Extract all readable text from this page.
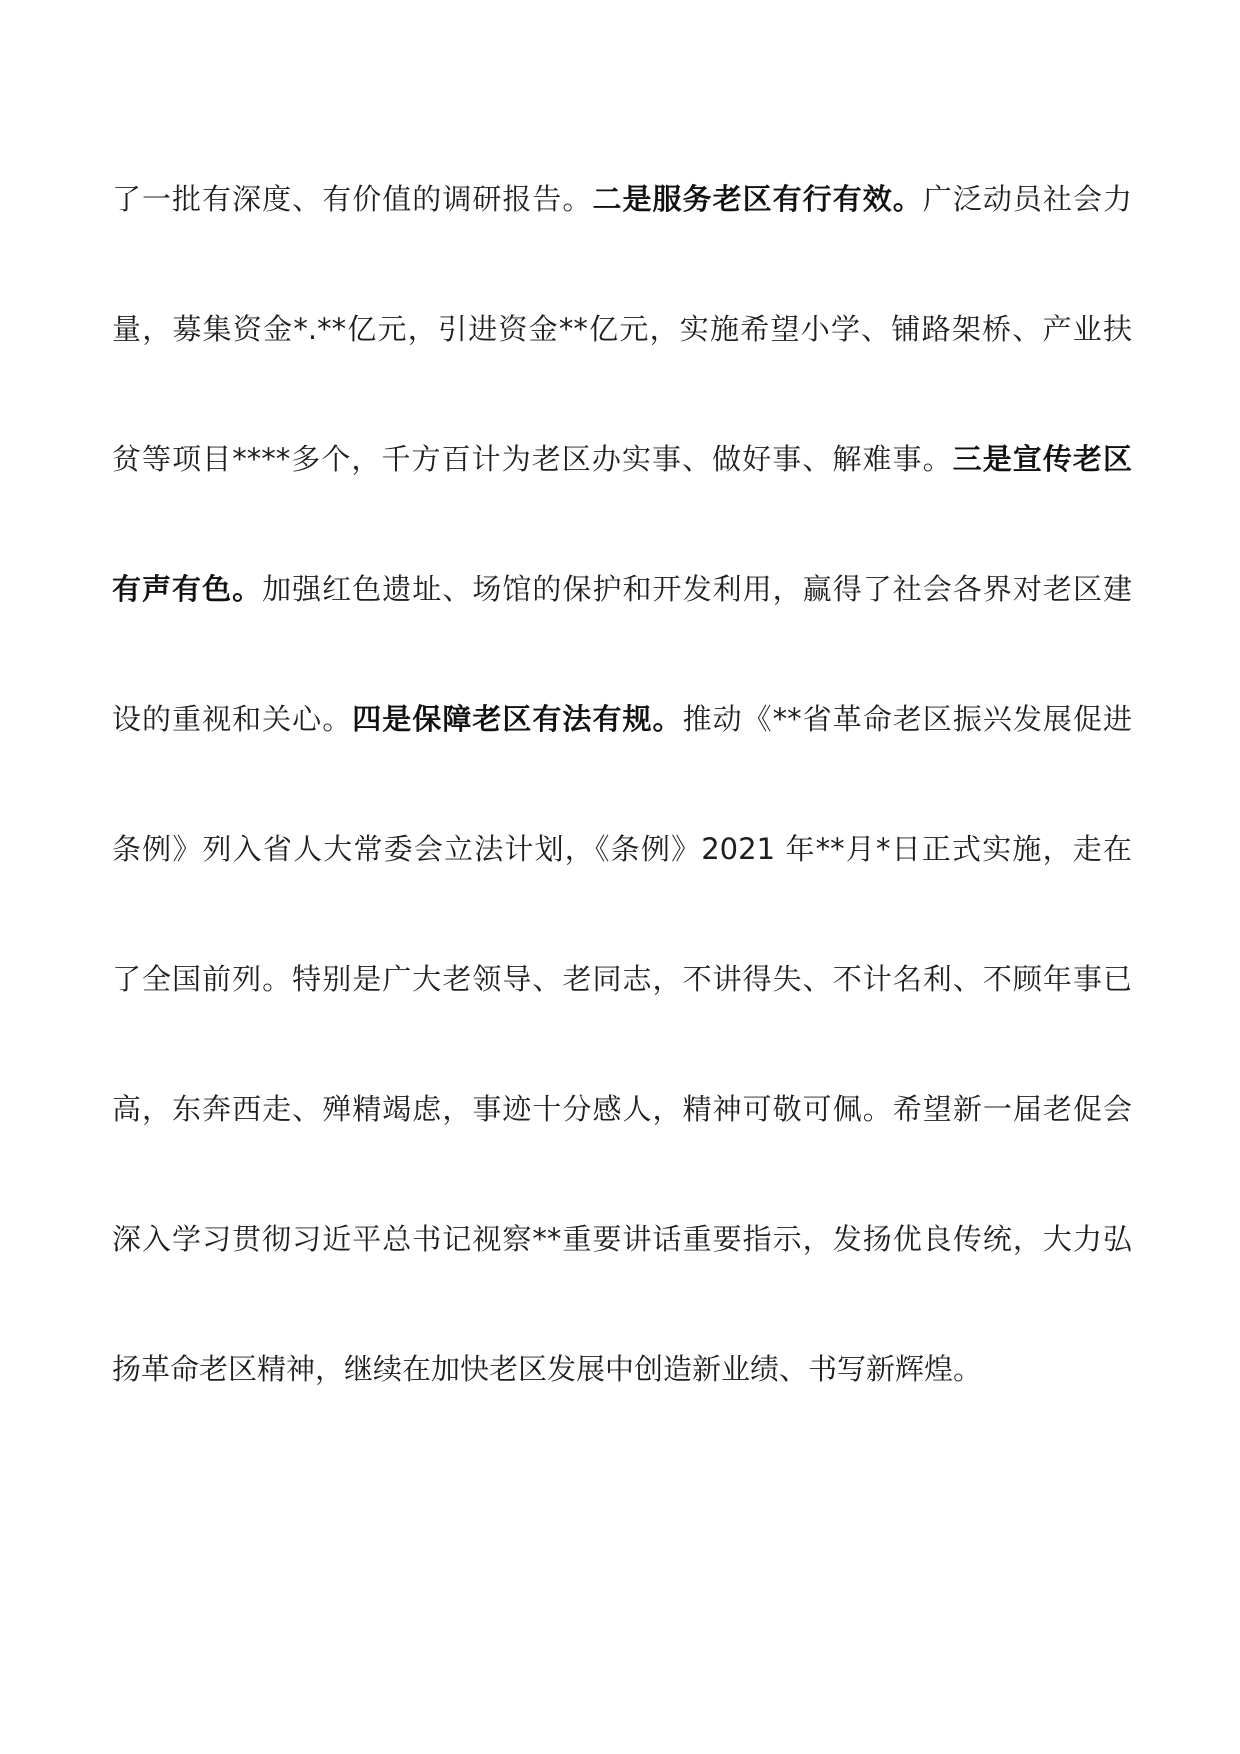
了一批有深度、有价值的调研报告。二是服务老区有行有效。广泛动员社会力
量，募集资金*.**亿元，引进资金**亿元，实施希望小学、铺路架桥、产业扶
贫等项目****多个，千方百计为老区办实事、做好事、解难事。三是宣传老区
有声有色。加强红色遗址、场馆的保护和开发利用，赢得了社会各界对老区建
设的重视和关心。四是保障老区有法有规。推动《**省革命老区振兴发展促进
条例》列入省人大常委会立法计划，《条例》2021 年**月*日正式实施，走在
了全国前列。特别是广大老领导、老同志，不讲得失、不计名利、不顾年事已
高，东奔西走、殚精竭虑，事迹十分感人，精神可敬可佩。希望新一届老促会
深入学习贯彻习近平总书记视察**重要讲话重要指示，发扬优良传统，大力弘
扬革命老区精神，继续在加快老区发展中创造新业绩、书写新辉煌。
